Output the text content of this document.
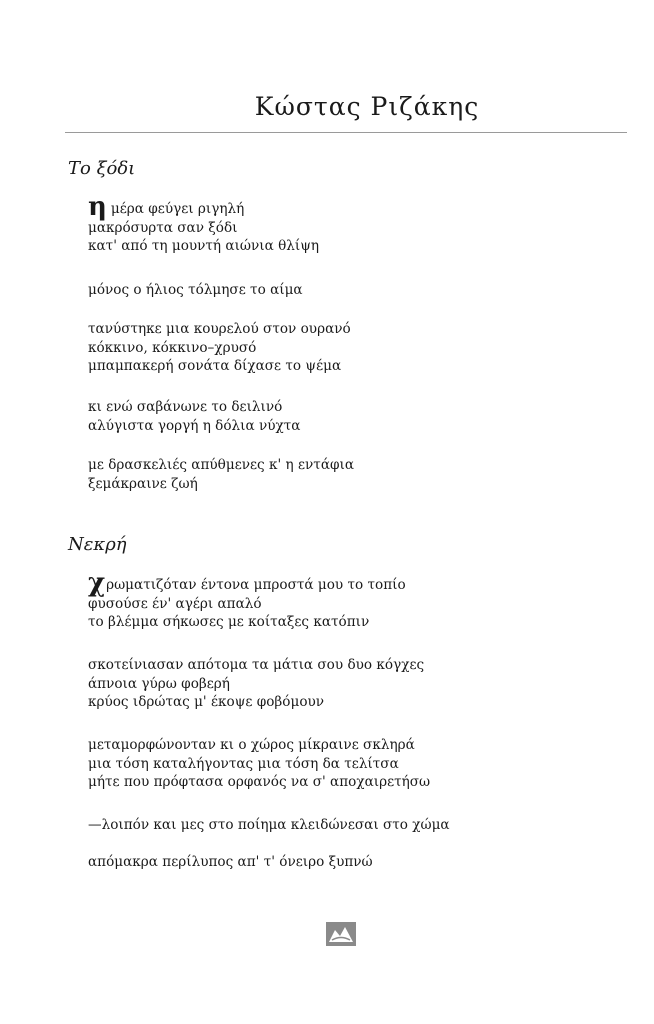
Κώστας Ριζάκης
Το ξόδι
ημέρα φεύγει ριγηλή
μακρόσυρτα σαν ξόδι
κατ' από τη μουντή αιώνια θλίψη
μόνος ο ήλιος τόλμησε το αίμα
τανύστηκε μια κουρελού στον ουρανό
κόκκινο, κόκκινο–χρυσό
μπαμπακερή σονάτα δίχασε το ψέμα
κι ενώ σαβάνωνε το δειλινό
αλύγιστα γοργή η δόλια νύχτα
με δρασκελιές απύθμενες κ' η εντάφια
ξεμάκραινε ζωή
Νεκρή
χρωματιζόταν έντονα μπροστά μου το τοπίο
φυσούσε έν' αγέρι απαλό
το βλέμμα σήκωσες με κοίταξες κατόπιν
σκοτείνιασαν απότομα τα μάτια σου δυο κόγχες
άπνοια γύρω φοβερή
κρύος ιδρώτας μ' έκοψε φοβόμουν
μεταμορφώνονταν κι ο χώρος μίκραινε σκληρά
μια τόση καταλήγοντας μια τόση δα τελίτσα
μήτε που πρόφτασα ορφανός να σ' αποχαιρετήσω
—λοιπόν και μες στο ποίημα κλειδώνεσαι στο χώμα
απόμακρα περίλυπος απ' τ' όνειρο ξυπνώ
